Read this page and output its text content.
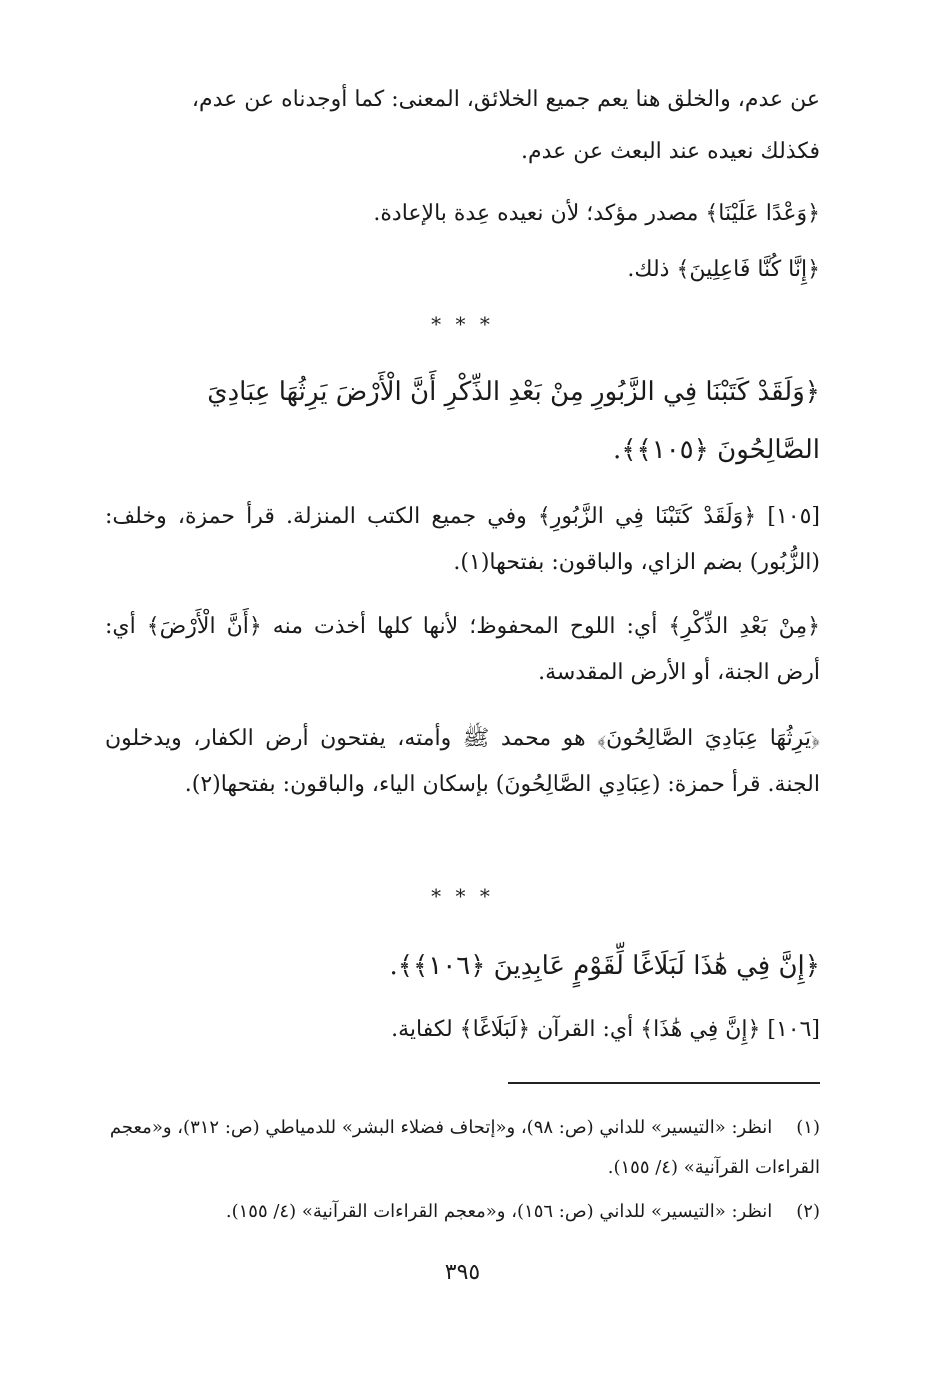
عن عدم، والخلق هنا يعم جميع الخلائق، المعنى: كما أوجدناه عن عدم،
فكذلك نعيده عند البعث عن عدم.
﴿وَعْدًا عَلَيْنَا﴾ مصدر مؤكد؛ لأن نعيده عِدة بالإعادة.
﴿إِنَّا كُنَّا فَاعِلِينَ﴾ ذلك.
* * *
﴿وَلَقَدْ كَتَبْنَا فِي الزَّبُورِ مِنْ بَعْدِ الذِّكْرِ أَنَّ الْأَرْضَ يَرِثُهَا عِبَادِيَ
الصَّالِحُونَ ﴿١٠٥﴾﴾.
[١٠٥] ﴿وَلَقَدْ كَتَبْنَا فِي الزَّبُورِ﴾ وفي جميع الكتب المنزلة. قرأ حمزة، وخلف: (الزُّبُور) بضم الزاي، والباقون: بفتحها(١).
﴿مِنْ بَعْدِ الذِّكْرِ﴾ أي: اللوح المحفوظ؛ لأنها كلها أخذت منه ﴿أَنَّ الْأَرْضَ﴾ أي: أرض الجنة، أو الأرض المقدسة.
﴿يَرِثُهَا عِبَادِيَ الصَّالِحُونَ﴾ هو محمد ﷺ وأمته، يفتحون أرض الكفار، ويدخلون الجنة. قرأ حمزة: (عِبَادِي الصَّالِحُونَ) بإسكان الياء، والباقون: بفتحها(٢).
* * *
﴿إِنَّ فِي هَٰذَا لَبَلَاغًا لِّقَوْمٍ عَابِدِينَ ﴿١٠٦﴾﴾.
[١٠٦] ﴿إِنَّ فِي هَٰذَا﴾ أي: القرآن ﴿لَبَلَاغًا﴾ لكفاية.
(١) انظر: «التيسير» للداني (ص: ٩٨)، و«إتحاف فضلاء البشر» للدمياطي (ص: ٣١٢)، و«معجم القراءات القرآنية» (٤/ ١٥٥).
(٢) انظر: «التيسير» للداني (ص: ١٥٦)، و«معجم القراءات القرآنية» (٤/ ١٥٥).
٣٩٥
